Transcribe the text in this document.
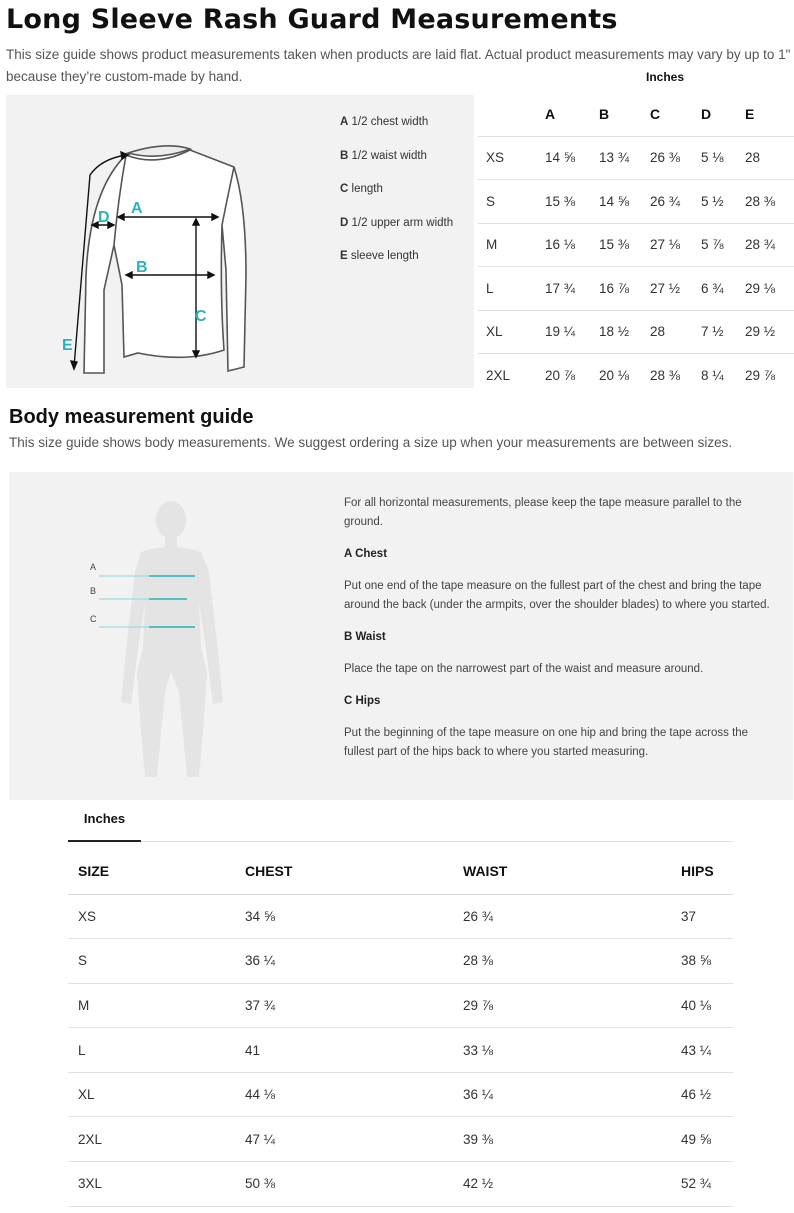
Long Sleeve Rash Guard Measurements
This size guide shows product measurements taken when products are laid flat. Actual product measurements may vary by up to 1" because they’re custom-made by hand.
A
B
C
D
E
A 1/2 chest width
B 1/2 waist width
C length
D 1/2 upper arm width
E sleeve length
Inches
	A	B	C	D	E
XS	14 ⅝	13 ¾	26 ⅜	5 ⅛	28
S	15 ⅜	14 ⅝	26 ¾	5 ½	28 ⅜
M	16 ⅛	15 ⅜	27 ⅛	5 ⅞	28 ¾
L	17 ¾	16 ⅞	27 ½	6 ¾	29 ⅛
XL	19 ¼	18 ½	28	7 ½	29 ½
2XL	20 ⅞	20 ⅛	28 ⅜	8 ¼	29 ⅞
Body measurement guide
This size guide shows body measurements. We suggest ordering a size up when your measurements are between sizes.
A
B
C

For all horizontal measurements, please keep the tape measure parallel to the ground.

A Chest

Put one end of the tape measure on the fullest part of the chest and bring the tape around the back (under the armpits, over the shoulder blades) to where you started.

B Waist

Place the tape on the narrowest part of the waist and measure around.

C Hips

Put the beginning of the tape measure on one hip and bring the tape across the fullest part of the hips back to where you started measuring.

Inches
SIZE	CHEST	WAIST	HIPS
XS	34 ⅝	26 ¾	37
S	36 ¼	28 ⅜	38 ⅝
M	37 ¾	29 ⅞	40 ⅛
L	41	33 ⅛	43 ¼
XL	44 ⅛	36 ¼	46 ½
2XL	47 ¼	39 ⅜	49 ⅝
3XL	50 ⅜	42 ½	52 ¾
